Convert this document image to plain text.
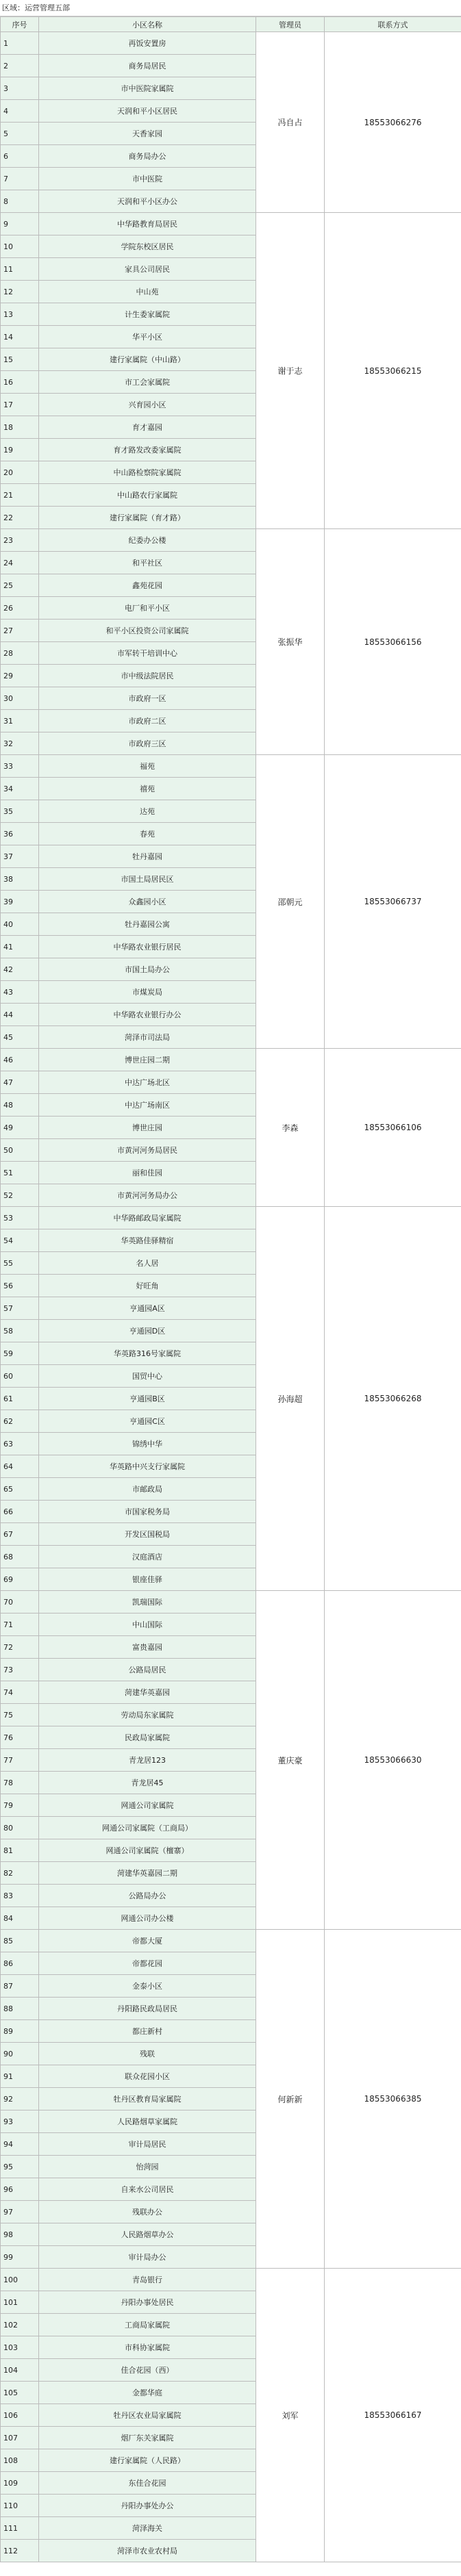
区域：运营管理五部
序号	小区名称	管理员	联系方式
1	再饭安置房	冯自占	18553066276
2	商务局居民		
3	市中医院家属院		
4	天润和平小区居民		
5	天香家园		
6	商务局办公		
7	市中医院		
8	天润和平小区办公		
9	中华路教育局居民	谢于志	18553066215
10	学院东校区居民		
11	家具公司居民		
12	中山苑		
13	计生委家属院		
14	华平小区		
15	建行家属院（中山路）		
16	市工会家属院		
17	兴育园小区		
18	育才嘉园		
19	育才路发改委家属院		
20	中山路检察院家属院		
21	中山路农行家属院		
22	建行家属院（育才路）		
23	纪委办公楼	张振华	18553066156
24	和平社区		
25	鑫苑花园		
26	电厂和平小区		
27	和平小区投资公司家属院		
28	市军转干培训中心		
29	市中级法院居民		
30	市政府一区		
31	市政府二区		
32	市政府三区		
33	福苑	邵朝元	18553066737
34	禧苑		
35	达苑		
36	春苑		
37	牡丹嘉园		
38	市国土局居民区		
39	众鑫园小区		
40	牡丹嘉园公寓		
41	中华路农业银行居民		
42	市国土局办公		
43	市煤炭局		
44	中华路农业银行办公		
45	菏泽市司法局		
46	博世庄园二期	李森	18553066106
47	中达广场北区		
48	中达广场南区		
49	博世庄园		
50	市黄河河务局居民		
51	丽和佳园		
52	市黄河河务局办公		
53	中华路邮政局家属院	孙海超	18553066268
54	华英路佳驿精宿		
55	名人居		
56	好旺角		
57	亨通园A区		
58	亨通园D区		
59	华英路316号家属院		
60	国贸中心		
61	亨通园B区		
62	亨通园C区		
63	锦绣中华		
64	华英路中兴支行家属院		
65	市邮政局		
66	市国家税务局		
67	开发区国税局		
68	汉庭酒店		
69	银座佳驿		
70	凯瑞国际	董庆豪	18553066630
71	中山国际		
72	富贵嘉园		
73	公路局居民		
74	菏建华英嘉园		
75	劳动局东家属院		
76	民政局家属院		
77	青龙居123		
78	青龙居45		
79	网通公司家属院		
80	网通公司家属院（工商局）		
81	网通公司家属院（檀寨）		
82	菏建华英嘉园二期		
83	公路局办公		
84	网通公司办公楼		
85	帝都大厦	何新新	18553066385
86	帝都花园		
87	金泰小区		
88	丹阳路民政局居民		
89	都庄新村		
90	残联		
91	联众花园小区		
92	牡丹区教育局家属院		
93	人民路烟草家属院		
94	审计局居民		
95	怡菏园		
96	自来水公司居民		
97	残联办公		
98	人民路烟草办公		
99	审计局办公		
100	青岛银行	刘军	18553066167
101	丹阳办事处居民		
102	工商局家属院		
103	市科协家属院		
104	佳合花园（西）		
105	金都华庭		
106	牡丹区农业局家属院		
107	烟厂东关家属院		
108	建行家属院（人民路）		
109	东佳合花园		
110	丹阳办事处办公		
111	菏泽海关		
112	菏泽市农业农村局		
